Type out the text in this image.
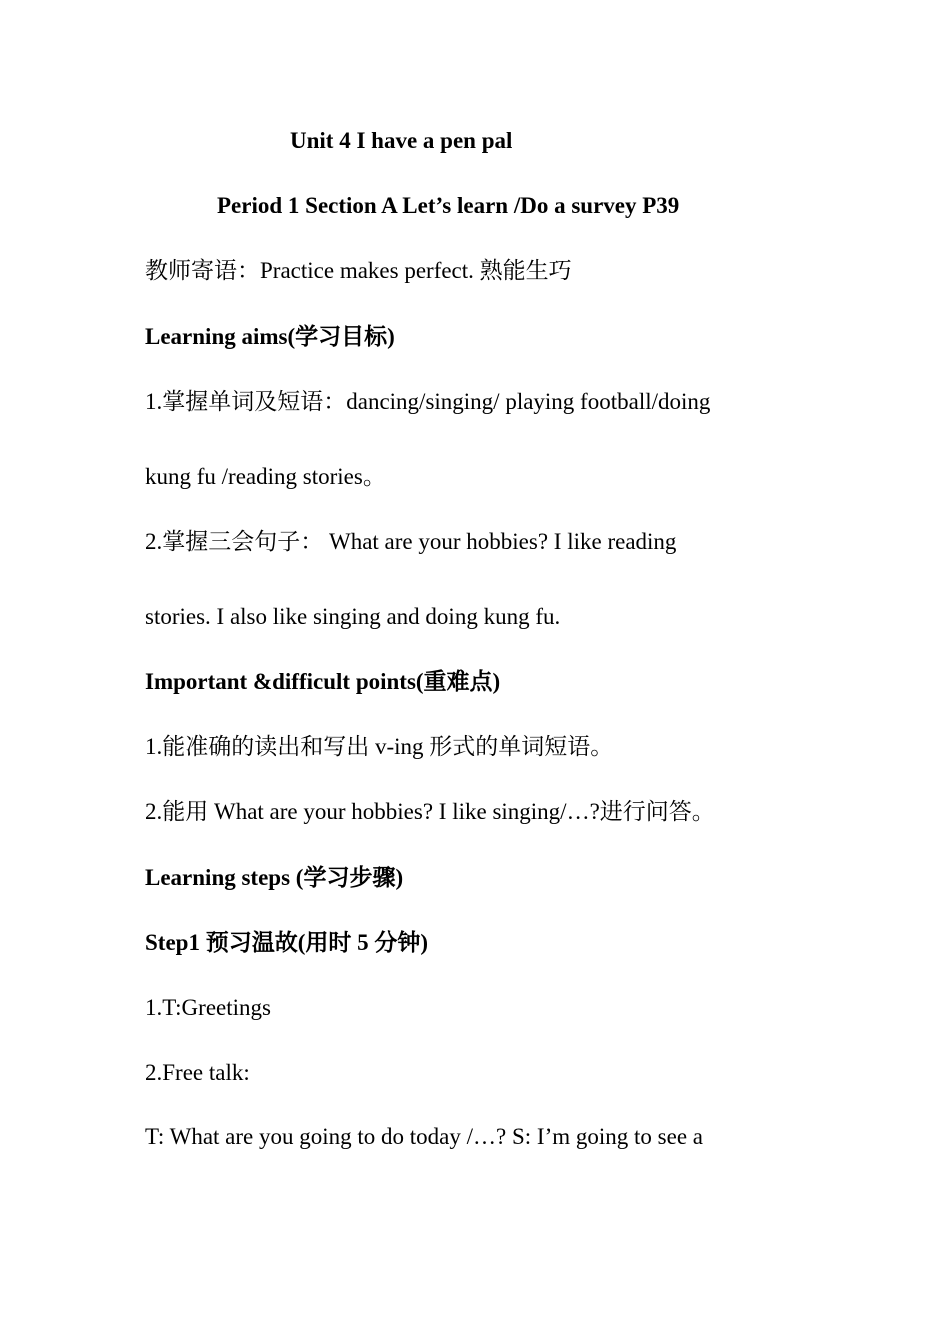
Unit 4 I have a pen pal
Period 1 Section A Let’s learn /Do a survey P39
教师寄语：Practice makes perfect. 熟能生巧
Learning aims(学习目标)
1.掌握单词及短语：dancing/singing/ playing football/doing
kung fu /reading stories。
2.掌握三会句子： What are your hobbies? I like reading
stories. I also like singing and doing kung fu.
Important &difficult points(重难点)
1.能准确的读出和写出 v-ing 形式的单词短语。
2.能用 What are your hobbies? I like singing/…?进行问答。
Learning steps (学习步骤)
Step1 预习温故(用时 5 分钟)
1.T:Greetings
2.Free talk:
T: What are you going to do today /…? S: I’m going to see a
